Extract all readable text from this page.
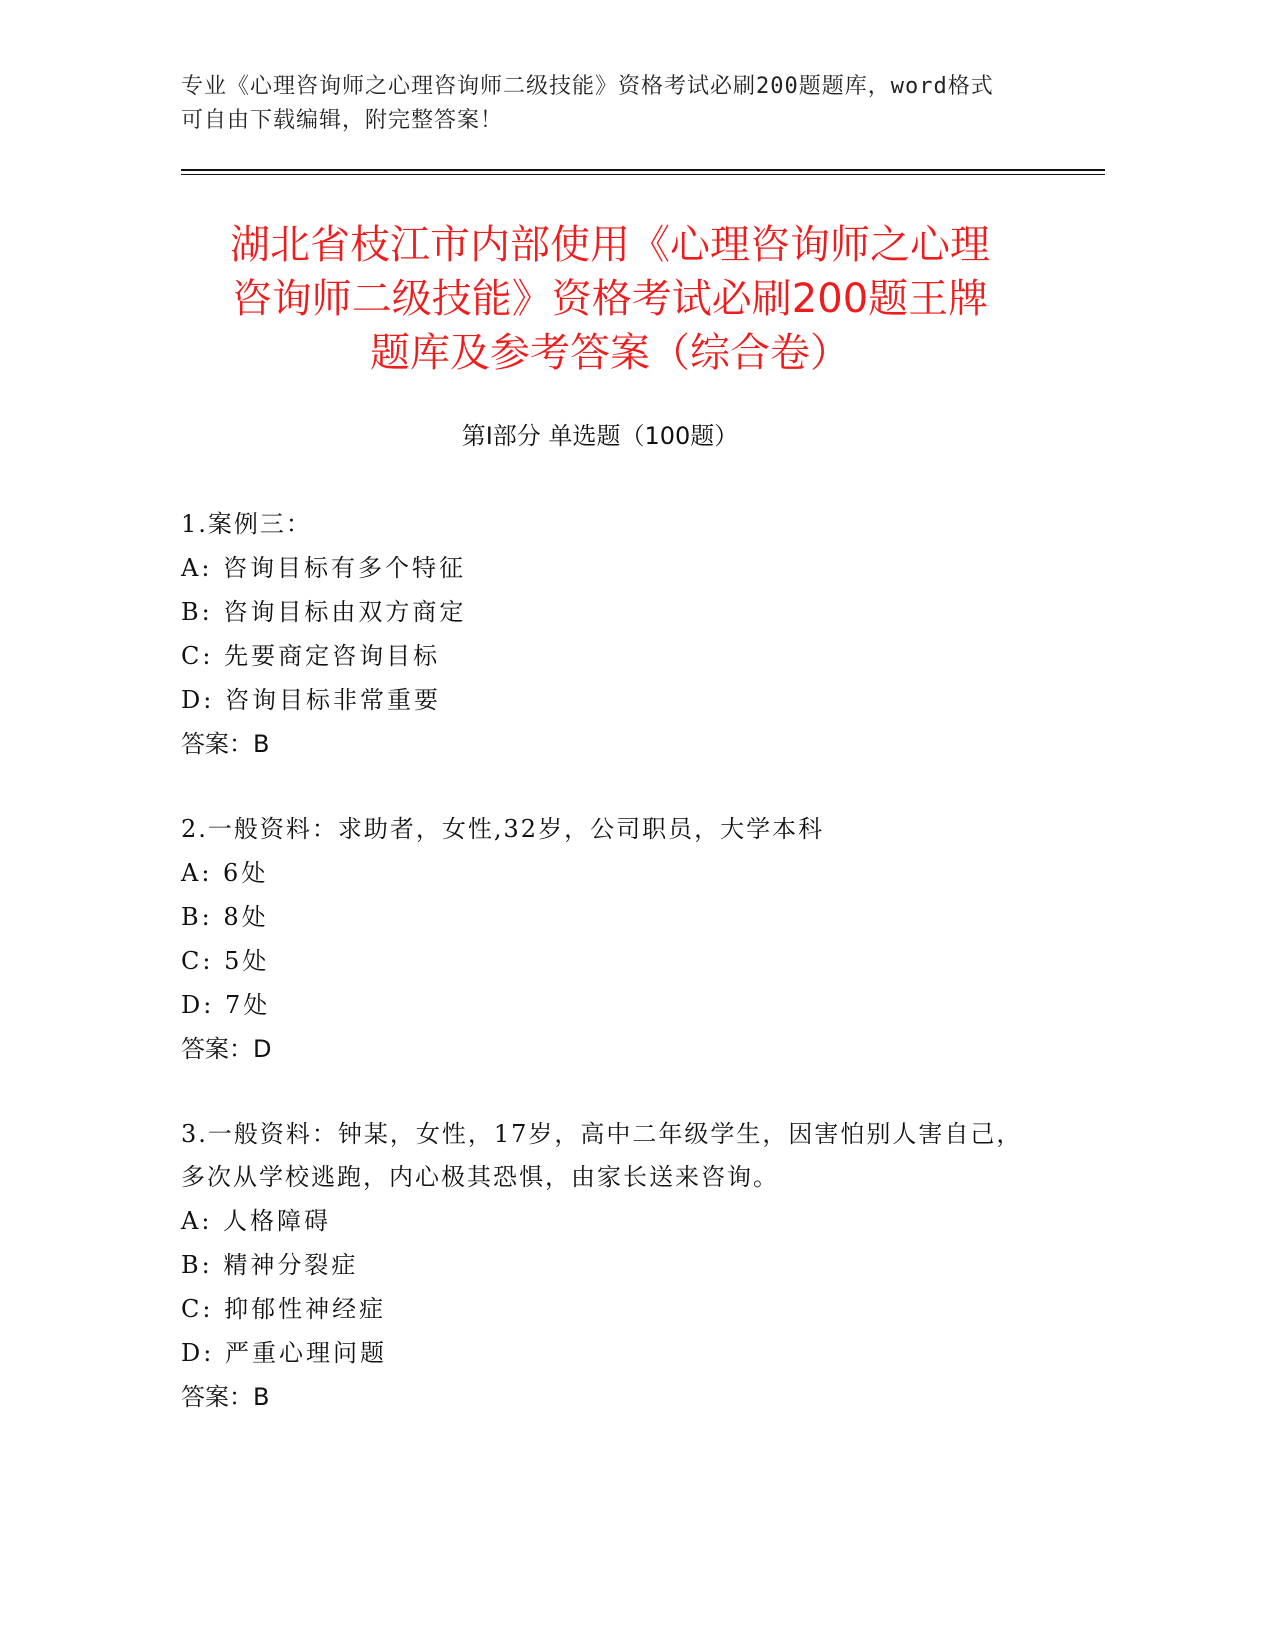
专业《心理咨询师之心理咨询师二级技能》资格考试必刷200题题库，word格式
可自由下载编辑，附完整答案！
湖北省枝江市内部使用《心理咨询师之心理
咨询师二级技能》资格考试必刷200题王牌
题库及参考答案（综合卷）
第I部分 单选题（100题）
1.案例三：
A: 咨询目标有多个特征
B: 咨询目标由双方商定
C: 先要商定咨询目标
D: 咨询目标非常重要
答案：B
2.一般资料：求助者，女性,32岁，公司职员，大学本科
A: 6处
B: 8处
C: 5处
D: 7处
答案：D
3.一般资料：钟某，女性，17岁，高中二年级学生，因害怕别人害自己，多次从学校逃跑，内心极其恐惧，由家长送来咨询。
A: 人格障碍
B: 精神分裂症
C: 抑郁性神经症
D: 严重心理问题
答案：B
